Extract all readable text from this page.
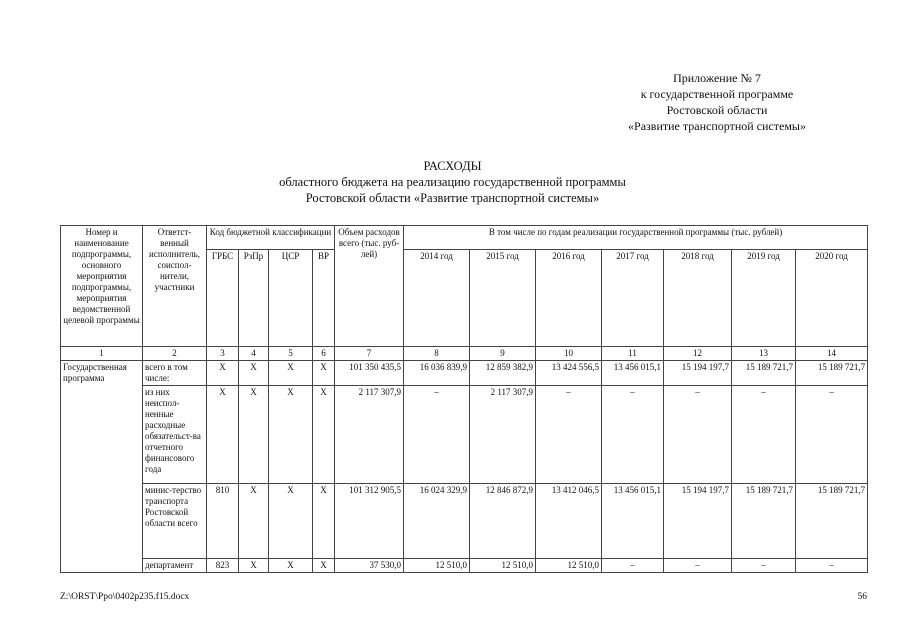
Приложение № 7
к государственной программе
Ростовской области
«Развитие транспортной системы»
РАСХОДЫ
областного бюджета на реализацию государственной программы
Ростовской области «Развитие транспортной системы»
Номер и наименование подпрограммы, основного мероприятия подпрограммы, мероприятия ведомственной целевой программы	Ответст-венный исполнитель, соиспол-нители, участники	Код бюджетной классификации				Объем расходов всего (тыс. руб-лей)	В том числе по годам реализации государственной программы (тыс. рублей)						
		ГРБС	РзПр	ЦСР	ВР		2014 год	2015 год	2016 год	2017 год	2018 год	2019 год	2020 год
1	2	3	4	5	6	7	8	9	10	11	12	13	14
Государственная программа	всего в том числе:	X	X	X	X	101 350 435,5	16 036 839,9	12 859 382,9	13 424 556,5	13 456 015,1	15 194 197,7	15 189 721,7	15 189 721,7
	из них неиспол-ненные расходные обязательст-ва отчетного финансового года	X	X	X	X	2 117 307,9	–	2 117 307,9	–	–	–	–	–
	минис-терство транспорта Ростовской области всего	810	X	X	X	101 312 905,5	16 024 329,9	12 846 872,9	13 412 046,5	13 456 015,1	15 194 197,7	15 189 721,7	15 189 721,7
	департамент	823	X	X	X	37 530,0	12 510,0	12 510,0	12 510,0	–	–	–	–
Z:\ORST\Ppo\0402p235.f15.docx	56
